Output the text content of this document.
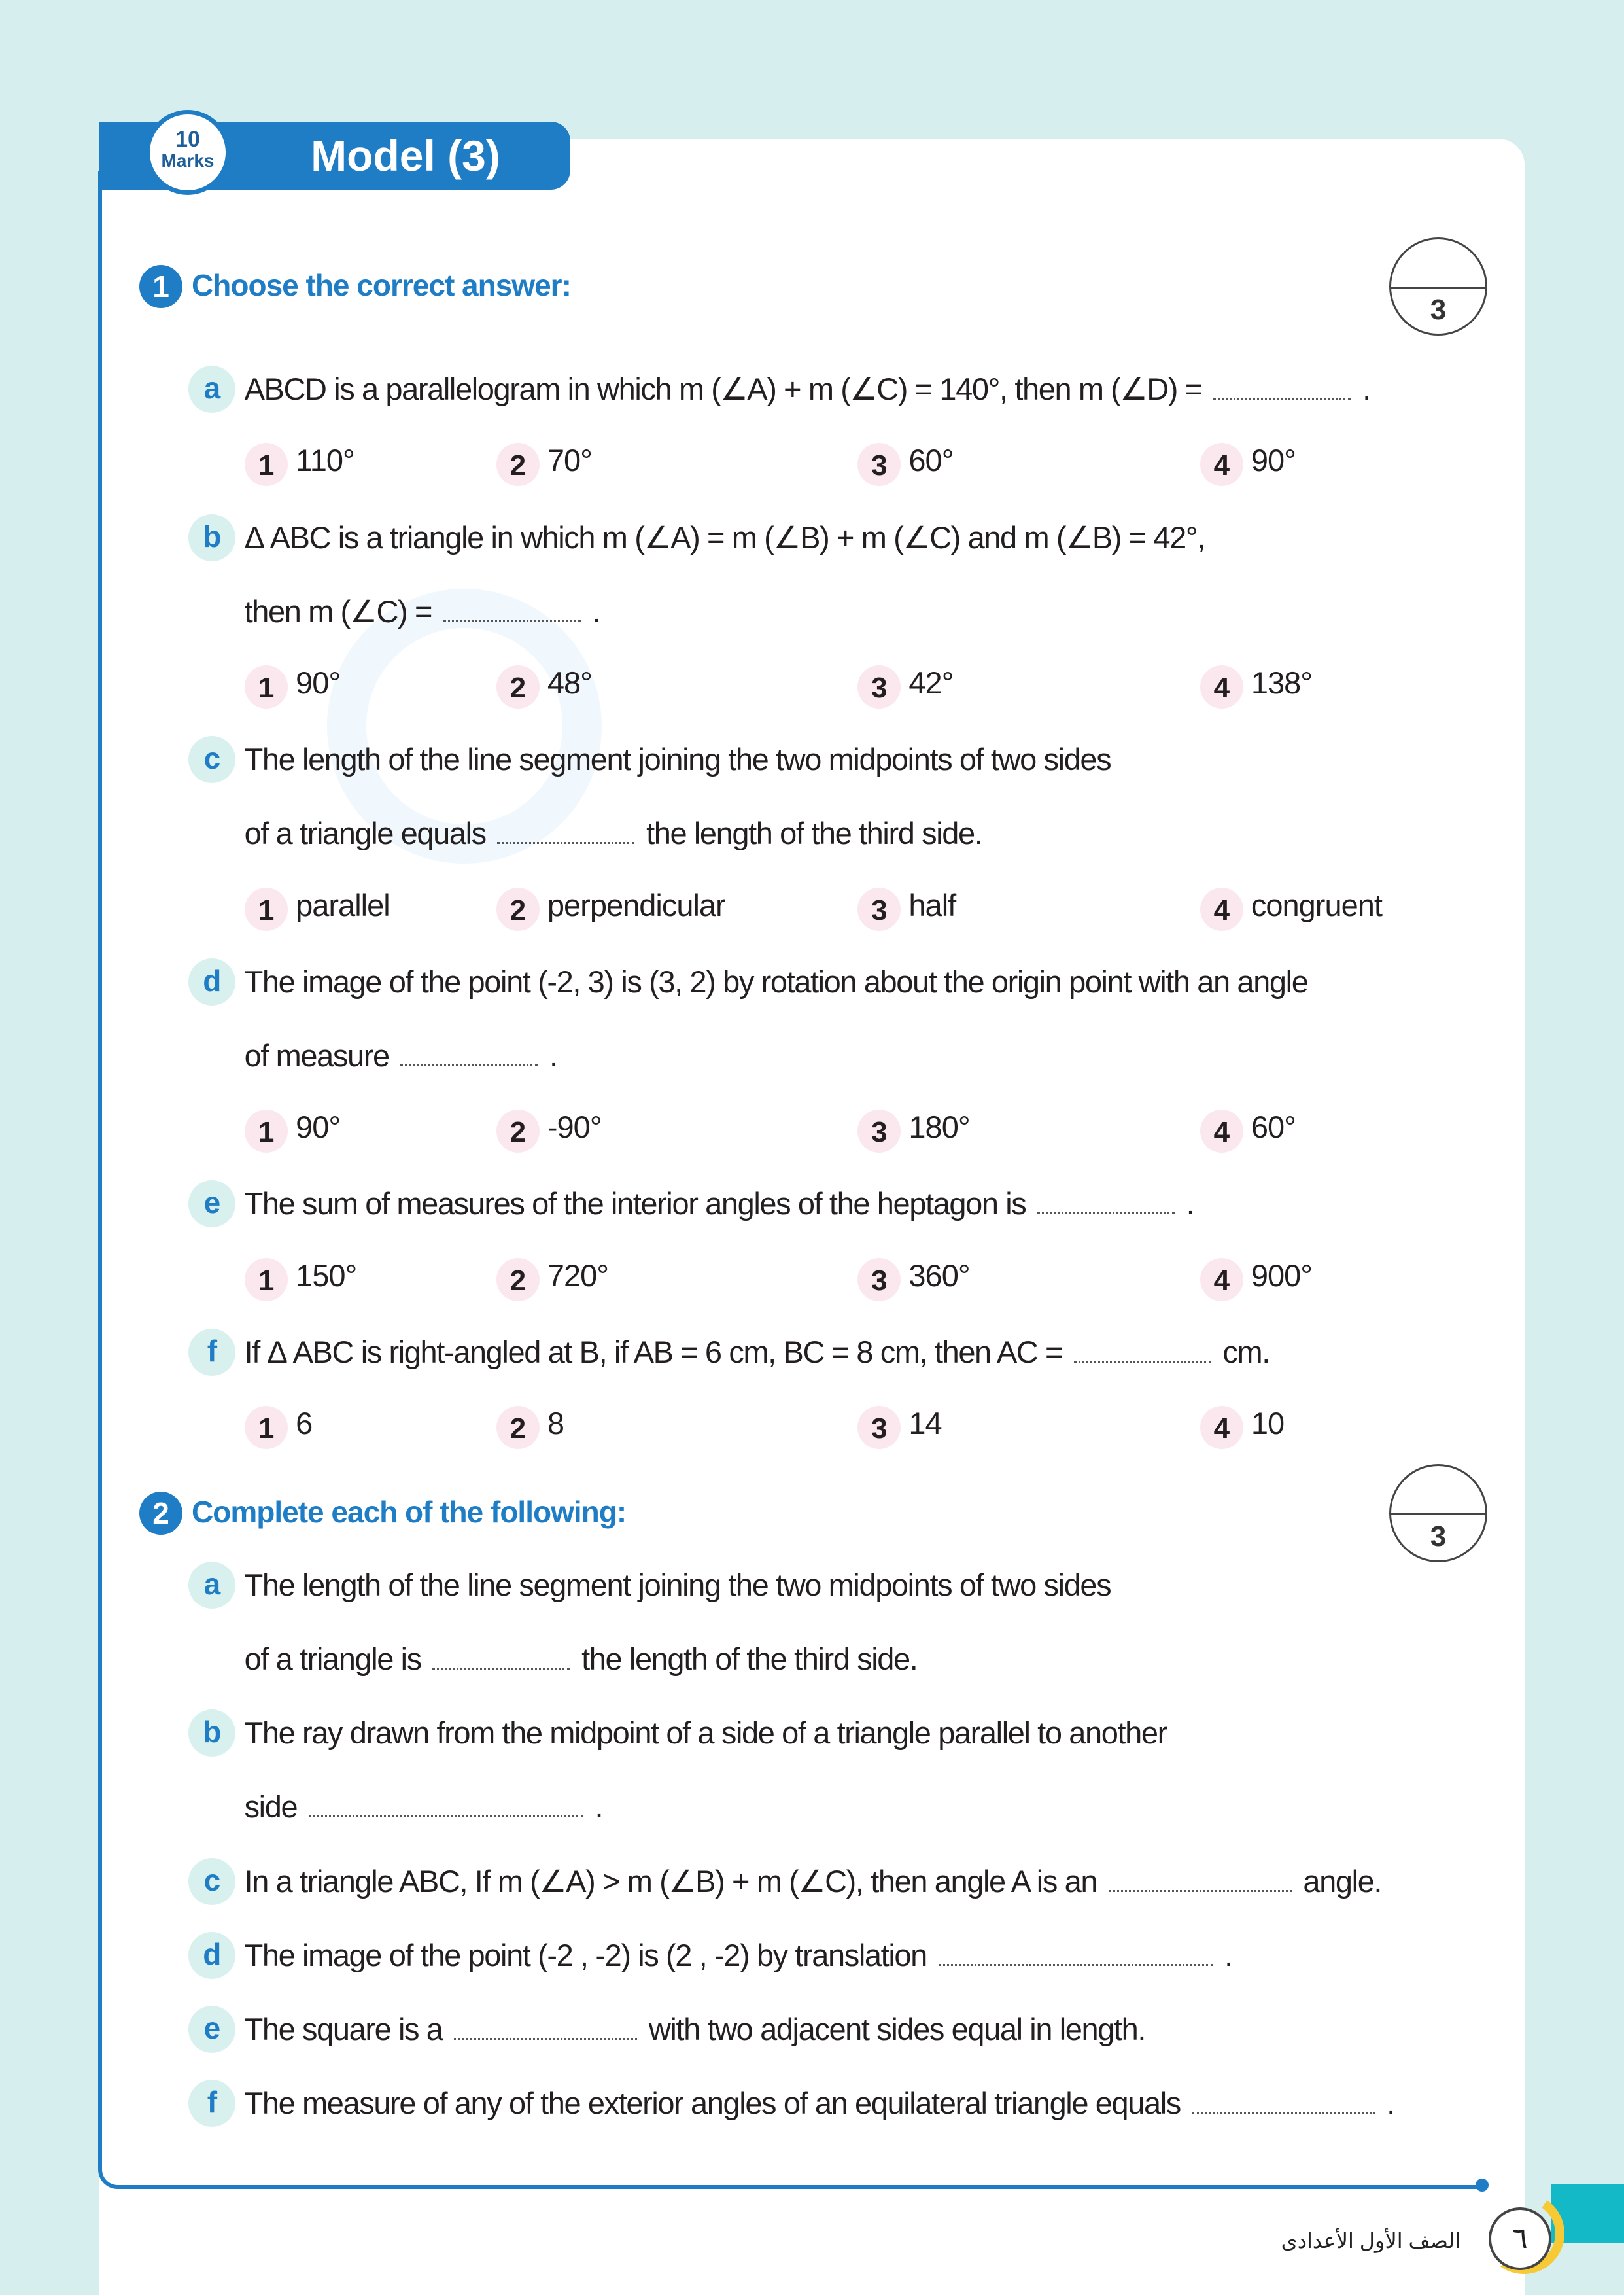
Model (3)
10
Marks
1 Choose the correct answer:
3
a ABCD is a parallelogram in which m (∠A) + m (∠C) = 140°, then m (∠D) =	.
1 110°	2 70°	3 60°	4 90°
b Δ ABC is a triangle in which m (∠A) = m (∠B) + m (∠C) and m (∠B) = 42°,
then m (∠C) =	.
1 90°	2 48°	3 42°	4 138°
c The length of the line segment joining the two midpoints of two sides
of a triangle equals	the length of the third side.
1 parallel	2 perpendicular	3 half	4 congruent
d The image of the point (-2, 3) is (3, 2) by rotation about the origin point with an angle
of measure	.
1 90°	2 -90°	3 180°	4 60°
e The sum of measures of the interior angles of the heptagon is	.
1 150°	2 720°	3 360°	4 900°
f If Δ ABC is right-angled at B, if AB = 6 cm, BC = 8 cm, then AC =	cm.
1 6	2 8	3 14	4 10
2 Complete each of the following:
3
a The length of the line segment joining the two midpoints of two sides
of a triangle is	the length of the third side.
b The ray drawn from the midpoint of a side of a triangle parallel to another
side	.
c In a triangle ABC, If m (∠A) > m (∠B) + m (∠C), then angle A is an	angle.
d The image of the point (-2 , -2) is (2 , -2) by translation	.
e The square is a	with two adjacent sides equal in length.
f The measure of any of the exterior angles of an equilateral triangle equals	.
٦
الصف الأول الأعدادى
